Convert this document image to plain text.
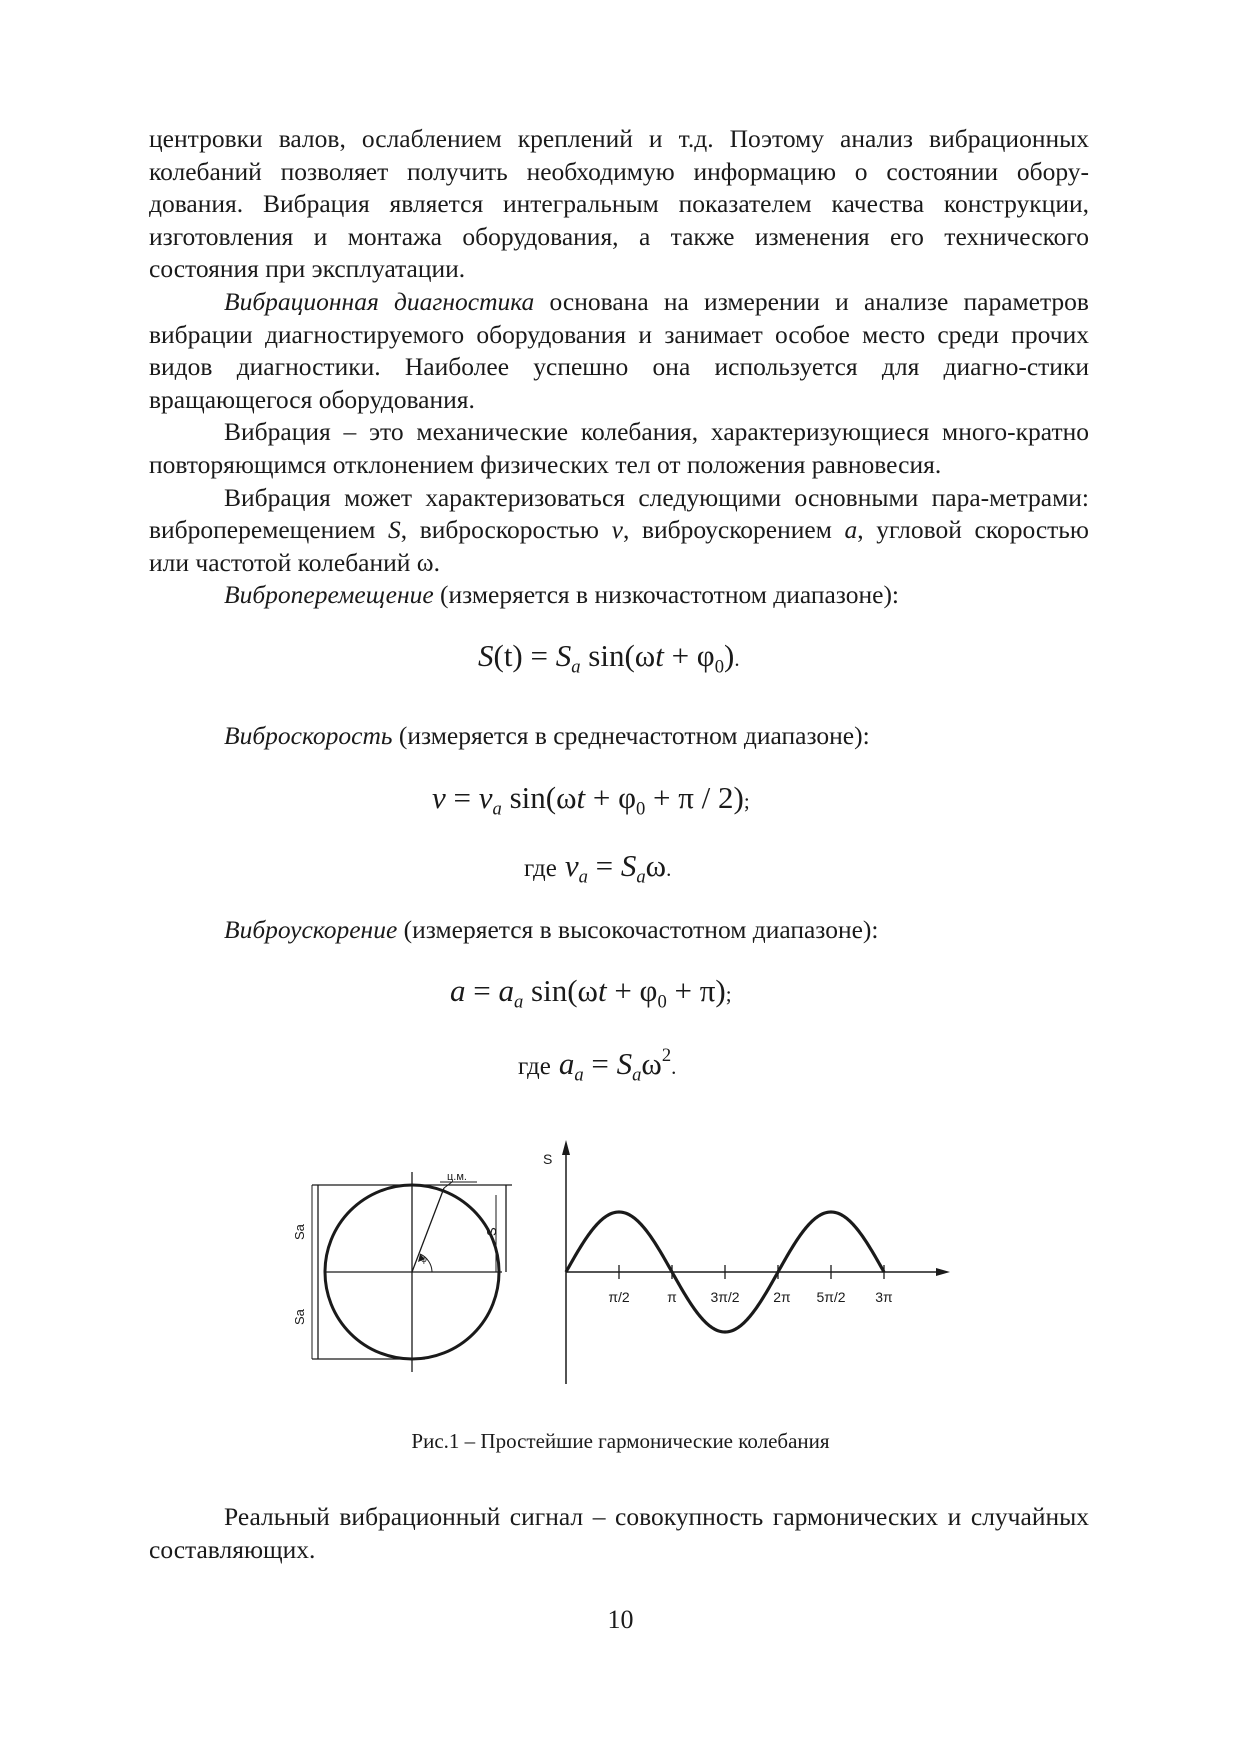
центровки валов, ослаблением креплений и т.д. Поэтому анализ вибрационных колебаний позволяет получить необходимую информацию о состоянии обору-дования. Вибрация является интегральным показателем качества конструкции, изготовления и монтажа оборудования, а также изменения его технического состояния при эксплуатации.

Вибрационная диагностика основана на измерении и анализе параметров вибрации диагностируемого оборудования и занимает особое место среди прочих видов диагностики. Наиболее успешно она используется для диагно-стики вращающегося оборудования.

Вибрация – это механические колебания, характеризующиеся много-кратно повторяющимся отклонением физических тел от положения равновесия.

Вибрация может характеризоваться следующими основными пара-метрами: виброперемещением S, виброскоростью v, виброускорением a, угловой скоростью или частотой колебаний ω.

Виброперемещение (измеряется в низкочастотном диапазоне):

$S(t) = S_a$ $\sin(\omega t + \varphi_0)$.

Виброскорость (измеряется в среднечастотном диапазоне):

$v = v_a$ $\sin(\omega t + \varphi_0 + \pi / 2)$;
где $v_a = S_a\omega$.

Виброускорение (измеряется в высокочастотном диапазоне):

$a = a_a$ $\sin(\omega t + \varphi_0 + \pi)$;
где $a_a = S_a\omega^2$.
Sa
Sa
S
ц.м.
φ
S
π/2	π 3π/2 2π 5π/2 3π
Рис.1 – Простейшие гармонические колебания

Реальный вибрационный сигнал – совокупность гармонических и случайных составляющих.

10
